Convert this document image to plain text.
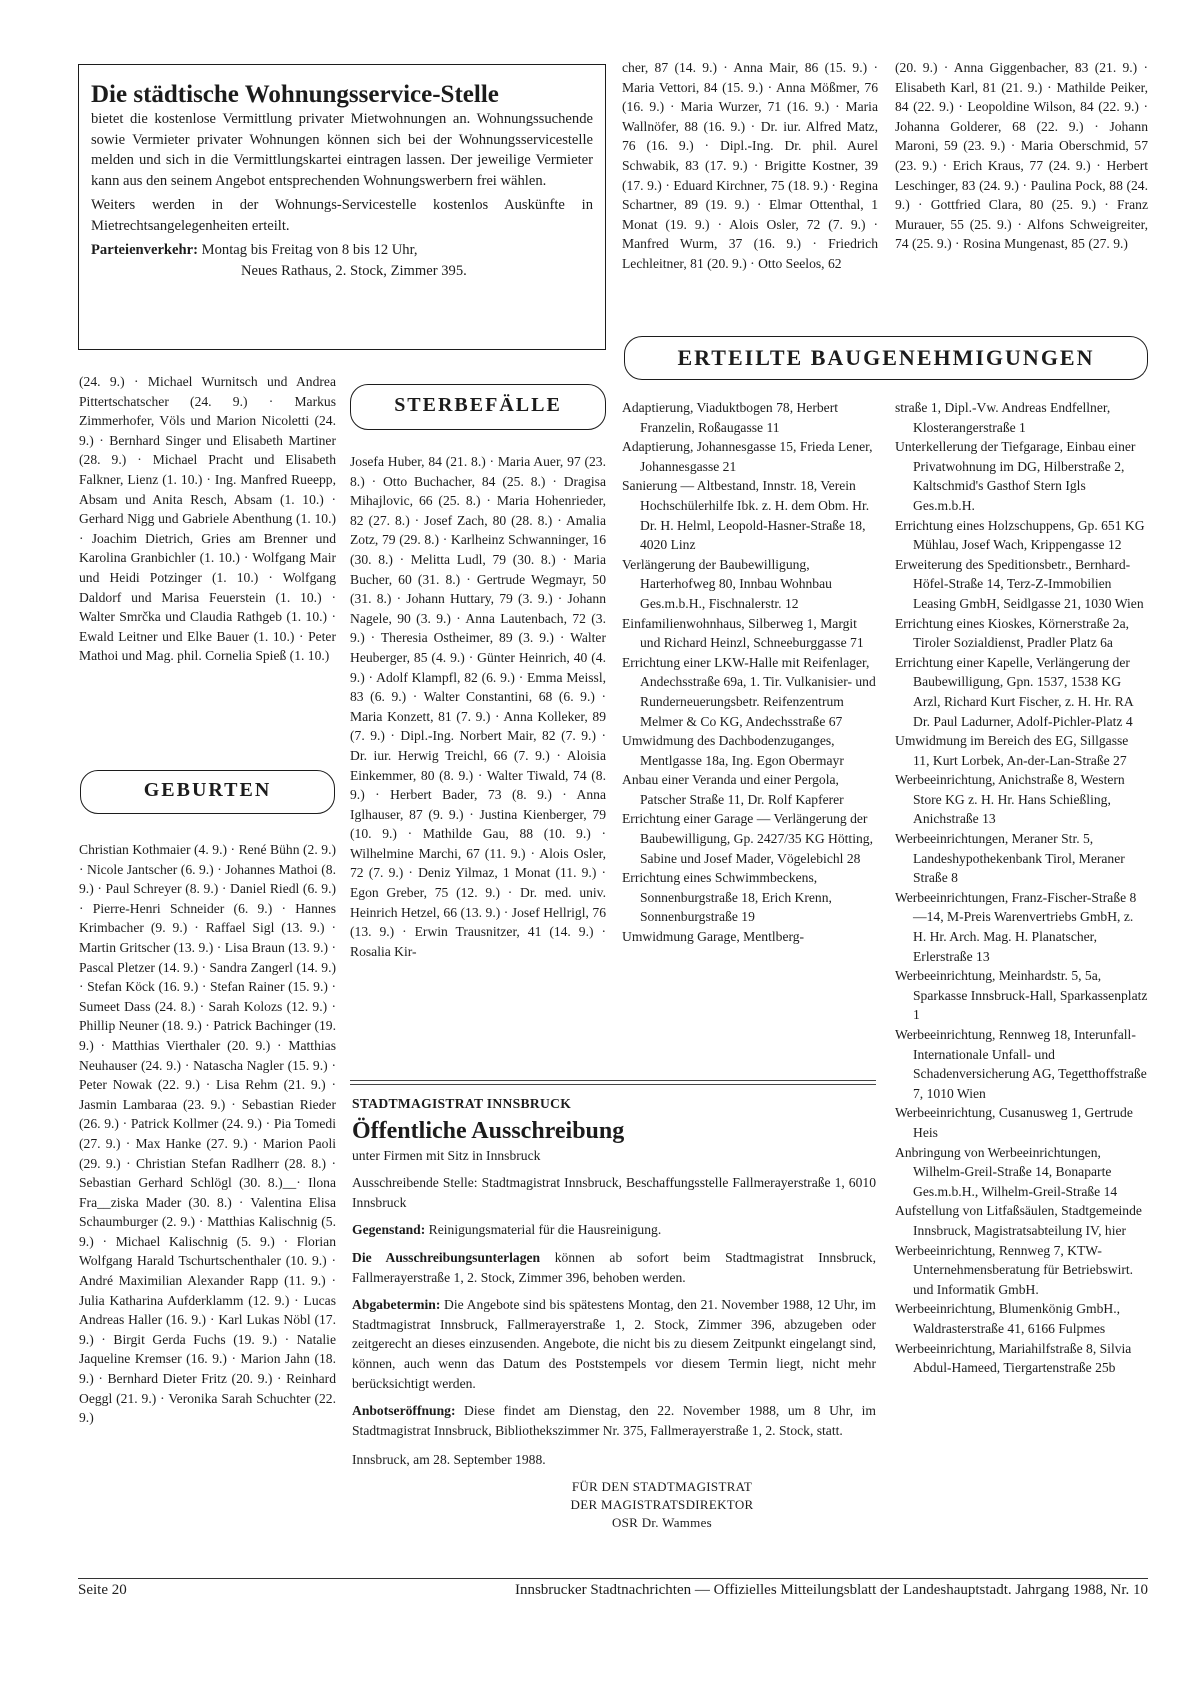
Die städtische Wohnungsservice-Stelle

bietet die kostenlose Vermittlung privater Mietwohnungen an. Wohnungssuchende sowie Vermieter privater Wohnungen können sich bei der Wohnungsservicestelle melden und sich in die Vermittlungskartei eintragen lassen. Der jeweilige Vermieter kann aus den seinem Angebot entsprechenden Wohnungswerbern frei wählen.

Weiters werden in der Wohnungs-Servicestelle kostenlos Auskünfte in Mietrechtsangelegenheiten erteilt.

Parteienverkehr: Montag bis Freitag von 8 bis 12 Uhr,

Neues Rathaus, 2. Stock, Zimmer 395.

(24. 9.) · Michael Wurnitsch und Andrea Pittertschatscher (24. 9.) · Markus Zimmerhofer, Völs und Marion Nicoletti (24. 9.) · Bernhard Singer und Elisabeth Martiner (28. 9.) · Michael Pracht und Elisabeth Falkner, Lienz (1. 10.) · Ing. Manfred Rueepp, Absam und Anita Resch, Absam (1. 10.) · Gerhard Nigg und Gabriele Abenthung (1. 10.) · Joachim Dietrich, Gries am Brenner und Karolina Granbichler (1. 10.) · Wolfgang Mair und Heidi Potzinger (1. 10.) · Wolfgang Daldorf und Marisa Feuerstein (1. 10.) · Walter Smrčka und Claudia Rathgeb (1. 10.) · Ewald Leitner und Elke Bauer (1. 10.) · Peter Mathoi und Mag. phil. Cornelia Spieß (1. 10.)
GEBURTEN
Christian Kothmaier (4. 9.) · René Bühn (2. 9.) · Nicole Jantscher (6. 9.) · Johannes Mathoi (8. 9.) · Paul Schreyer (8. 9.) · Daniel Riedl (6. 9.) · Pierre-Henri Schneider (6. 9.) · Hannes Krimbacher (9. 9.) · Raffael Sigl (13. 9.) · Martin Gritscher (13. 9.) · Lisa Braun (13. 9.) · Pascal Pletzer (14. 9.) · Sandra Zangerl (14. 9.) · Stefan Köck (16. 9.) · Stefan Rainer (15. 9.) · Sumeet Dass (24. 8.) · Sarah Kolozs (12. 9.) · Phillip Neuner (18. 9.) · Patrick Bachinger (19. 9.) · Matthias Vierthaler (20. 9.) · Matthias Neuhauser (24. 9.) · Natascha Nagler (15. 9.) · Peter Nowak (22. 9.) · Lisa Rehm (21. 9.) · Jasmin Lambaraa (23. 9.) · Sebastian Rieder (26. 9.) · Patrick Kollmer (24. 9.) · Pia Tomedi (27. 9.) · Max Hanke (27. 9.) · Marion Paoli (29. 9.) · Christian Stefan Radlherr (28. 8.) · Sebastian Gerhard Schlögl (30. 8.)__· Ilona Fra__ziska Mader (30. 8.) · Valentina Elisa Schaumburger (2. 9.) · Matthias Kalischnig (5. 9.) · Michael Kalischnig (5. 9.) · Florian Wolfgang Harald Tschurtschenthaler (10. 9.) · André Maximilian Alexander Rapp (11. 9.) · Julia Katharina Aufderklamm (12. 9.) · Lucas Andreas Haller (16. 9.) · Karl Lukas Nöbl (17. 9.) · Birgit Gerda Fuchs (19. 9.) · Natalie Jaqueline Kremser (16. 9.) · Marion Jahn (18. 9.) · Bernhard Dieter Fritz (20. 9.) · Reinhard Oeggl (21. 9.) · Veronika Sarah Schuchter (22. 9.)
STERBEFÄLLE
Josefa Huber, 84 (21. 8.) · Maria Auer, 97 (23. 8.) · Otto Buchacher, 84 (25. 8.) · Dragisa Mihajlovic, 66 (25. 8.) · Maria Hohenrieder, 82 (27. 8.) · Josef Zach, 80 (28. 8.) · Amalia Zotz, 79 (29. 8.) · Karlheinz Schwanninger, 16 (30. 8.) · Melitta Ludl, 79 (30. 8.) · Maria Bucher, 60 (31. 8.) · Gertrude Wegmayr, 50 (31. 8.) · Johann Huttary, 79 (3. 9.) · Johann Nagele, 90 (3. 9.) · Anna Lautenbach, 72 (3. 9.) · Theresia Ostheimer, 89 (3. 9.) · Walter Heuberger, 85 (4. 9.) · Günter Heinrich, 40 (4. 9.) · Adolf Klampfl, 82 (6. 9.) · Emma Meissl, 83 (6. 9.) · Walter Constantini, 68 (6. 9.) · Maria Konzett, 81 (7. 9.) · Anna Kolleker, 89 (7. 9.) · Dipl.-Ing. Norbert Mair, 82 (7. 9.) · Dr. iur. Herwig Treichl, 66 (7. 9.) · Aloisia Einkemmer, 80 (8. 9.) · Walter Tiwald, 74 (8. 9.) · Herbert Bader, 73 (8. 9.) · Anna Iglhauser, 87 (9. 9.) · Justina Kienberger, 79 (10. 9.) · Mathilde Gau, 88 (10. 9.) · Wilhelmine Marchi, 67 (11. 9.) · Alois Osler, 72 (7. 9.) · Deniz Yilmaz, 1 Monat (11. 9.) · Egon Greber, 75 (12. 9.) · Dr. med. univ. Heinrich Hetzel, 66 (13. 9.) · Josef Hellrigl, 76 (13. 9.) · Erwin Trausnitzer, 41 (14. 9.) · Rosalia Kir-
cher, 87 (14. 9.) · Anna Mair, 86 (15. 9.) · Maria Vettori, 84 (15. 9.) · Anna Mößmer, 76 (16. 9.) · Maria Wurzer, 71 (16. 9.) · Maria Wallnöfer, 88 (16. 9.) · Dr. iur. Alfred Matz, 76 (16. 9.) · Dipl.-Ing. Dr. phil. Aurel Schwabik, 83 (17. 9.) · Brigitte Kostner, 39 (17. 9.) · Eduard Kirchner, 75 (18. 9.) · Regina Schartner, 89 (19. 9.) · Elmar Ottenthal, 1 Monat (19. 9.) · Alois Osler, 72 (7. 9.) · Manfred Wurm, 37 (16. 9.) · Friedrich Lechleitner, 81 (20. 9.) · Otto Seelos, 62
(20. 9.) · Anna Giggenbacher, 83 (21. 9.) · Elisabeth Karl, 81 (21. 9.) · Mathilde Peiker, 84 (22. 9.) · Leopoldine Wilson, 84 (22. 9.) · Johanna Golderer, 68 (22. 9.) · Johann Maroni, 59 (23. 9.) · Maria Oberschmid, 57 (23. 9.) · Erich Kraus, 77 (24. 9.) · Herbert Leschinger, 83 (24. 9.) · Paulina Pock, 88 (24. 9.) · Gottfried Clara, 80 (25. 9.) · Franz Murauer, 55 (25. 9.) · Alfons Schweigreiter, 74 (25. 9.) · Rosina Mungenast, 85 (27. 9.)
ERTEILTE BAUGENEHMIGUNGEN

Adaptierung, Viaduktbogen 78, Herbert Franzelin, Roßaugasse 11

Adaptierung, Johannesgasse 15, Frieda Lener, Johannesgasse 21

Sanierung — Altbestand, Innstr. 18, Verein Hochschülerhilfe Ibk. z. H. dem Obm. Hr. Dr. H. Helml, Leopold-Hasner-Straße 18, 4020 Linz

Verlängerung der Baubewilligung, Harterhofweg 80, Innbau Wohnbau Ges.m.b.H., Fischnalerstr. 12

Einfamilienwohnhaus, Silberweg 1, Margit und Richard Heinzl, Schneeburggasse 71

Errichtung einer LKW-Halle mit Reifenlager, Andechsstraße 69a, 1. Tir. Vulkanisier- und Runderneuerungsbetr. Reifenzentrum Melmer & Co KG, Andechsstraße 67

Umwidmung des Dachbodenzuganges, Mentlgasse 18a, Ing. Egon Obermayr

Anbau einer Veranda und einer Pergola, Patscher Straße 11, Dr. Rolf Kapferer

Errichtung einer Garage — Verlängerung der Baubewilligung, Gp. 2427/35 KG Hötting, Sabine und Josef Mader, Vögelebichl 28

Errichtung eines Schwimmbeckens, Sonnenburgstraße 18, Erich Krenn, Sonnenburgstraße 19

Umwidmung Garage, Mentlberg-

straße 1, Dipl.-Vw. Andreas Endfellner, Klosterangerstraße 1

Unterkellerung der Tiefgarage, Einbau einer Privatwohnung im DG, Hilberstraße 2, Kaltschmid's Gasthof Stern Igls Ges.m.b.H.

Errichtung eines Holzschuppens, Gp. 651 KG Mühlau, Josef Wach, Krippengasse 12

Erweiterung des Speditionsbetr., Bernhard-Höfel-Straße 14, Terz-Z-Immobilien Leasing GmbH, Seidlgasse 21, 1030 Wien

Errichtung eines Kioskes, Körnerstraße 2a, Tiroler Sozialdienst, Pradler Platz 6a

Errichtung einer Kapelle, Verlängerung der Baubewilligung, Gpn. 1537, 1538 KG Arzl, Richard Kurt Fischer, z. H. Hr. RA Dr. Paul Ladurner, Adolf-Pichler-Platz 4

Umwidmung im Bereich des EG, Sillgasse 11, Kurt Lorbek, An-der-Lan-Straße 27

Werbeeinrichtung, Anichstraße 8, Western Store KG z. H. Hr. Hans Schießling, Anichstraße 13

Werbeeinrichtungen, Meraner Str. 5, Landeshypothekenbank Tirol, Meraner Straße 8

Werbeeinrichtungen, Franz-Fischer-Straße 8—14, M-Preis Warenvertriebs GmbH, z. H. Hr. Arch. Mag. H. Planatscher, Erlerstraße 13

Werbeeinrichtung, Meinhardstr. 5, 5a, Sparkasse Innsbruck-Hall, Sparkassenplatz 1

Werbeeinrichtung, Rennweg 18, Interunfall-Internationale Unfall- und Schadenversicherung AG, Tegetthoffstraße 7, 1010 Wien

Werbeeinrichtung, Cusanusweg 1, Gertrude Heis

Anbringung von Werbeeinrichtungen, Wilhelm-Greil-Straße 14, Bonaparte Ges.m.b.H., Wilhelm-Greil-Straße 14

Aufstellung von Litfaßsäulen, Stadtgemeinde Innsbruck, Magistratsabteilung IV, hier

Werbeeinrichtung, Rennweg 7, KTW-Unternehmensberatung für Betriebswirt. und Informatik GmbH.

Werbeeinrichtung, Blumenkönig GmbH., Waldrasterstraße 41, 6166 Fulpmes

Werbeeinrichtung, Mariahilfstraße 8, Silvia Abdul-Hameed, Tiergartenstraße 25b

STADTMAGISTRAT INNSBRUCK
Öffentliche Ausschreibung
unter Firmen mit Sitz in Innsbruck

Ausschreibende Stelle: Stadtmagistrat Innsbruck, Beschaffungsstelle Fallmerayerstraße 1, 6010 Innsbruck

Gegenstand: Reinigungsmaterial für die Hausreinigung.

Die Ausschreibungsunterlagen können ab sofort beim Stadtmagistrat Innsbruck, Fallmerayerstraße 1, 2. Stock, Zimmer 396, behoben werden.

Abgabetermin: Die Angebote sind bis spätestens Montag, den 21. November 1988, 12 Uhr, im Stadtmagistrat Innsbruck, Fallmerayerstraße 1, 2. Stock, Zimmer 396, abzugeben oder zeitgerecht an dieses einzusenden. Angebote, die nicht bis zu diesem Zeitpunkt eingelangt sind, können, auch wenn das Datum des Poststempels vor diesem Termin liegt, nicht mehr berücksichtigt werden.

Anbotseröffnung: Diese findet am Dienstag, den 22. November 1988, um 8 Uhr, im Stadtmagistrat Innsbruck, Bibliothekszimmer Nr. 375, Fallmerayerstraße 1, 2. Stock, statt.

Innsbruck, am 28. September 1988.

FÜR DEN STADTMAGISTRAT
DER MAGISTRATSDIREKTOR
OSR Dr. Wammes
Seite 20	Innsbrucker Stadtnachrichten — Offizielles Mitteilungsblatt der Landeshauptstadt. Jahrgang 1988, Nr. 10
